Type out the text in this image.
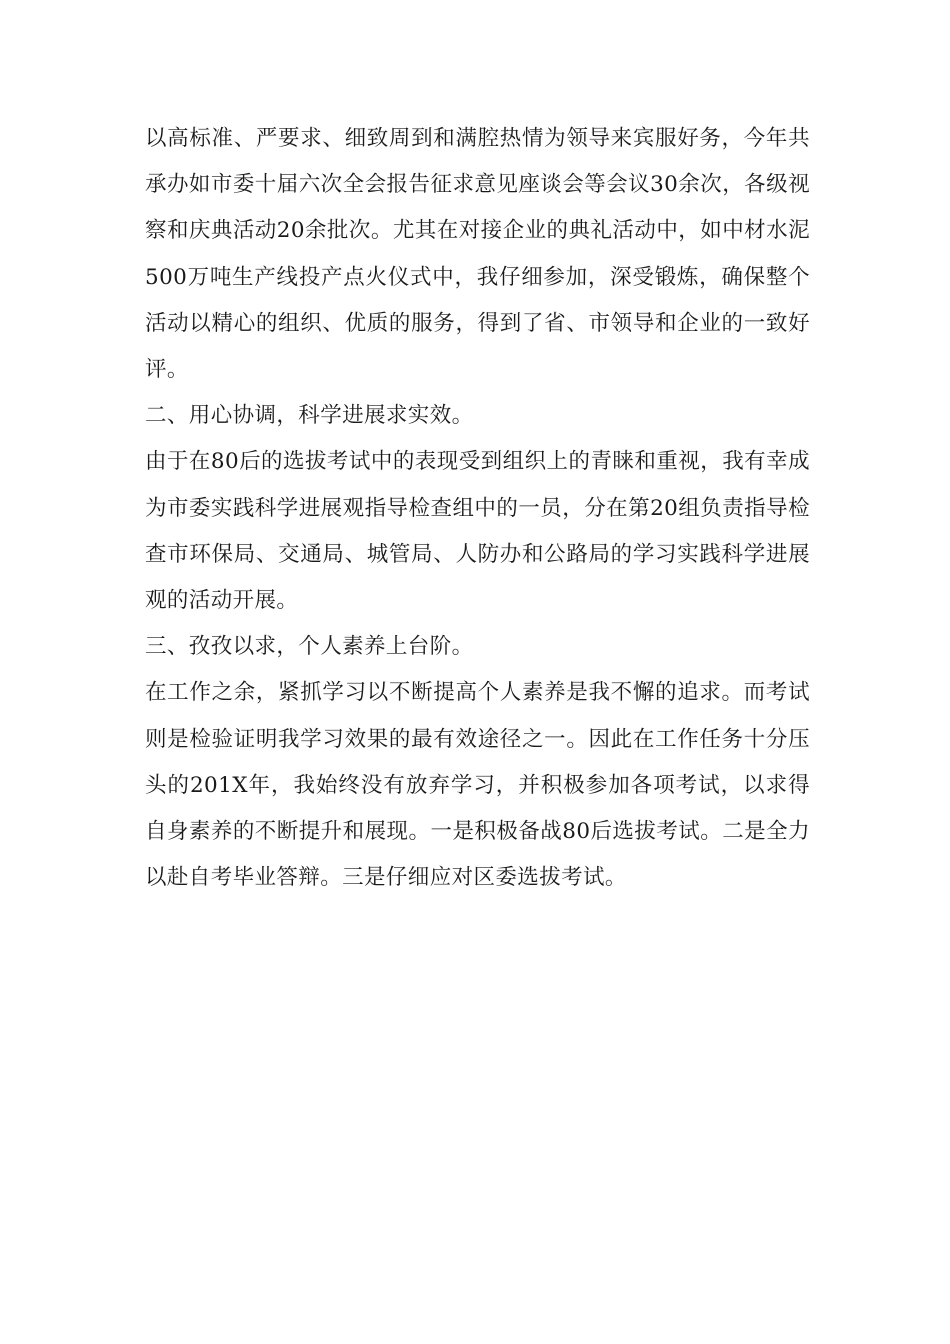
以高标准、严要求、细致周到和满腔热情为领导来宾服好务，今年共承办如市委十届六次全会报告征求意见座谈会等会议30余次，各级视察和庆典活动20余批次。尤其在对接企业的典礼活动中，如中材水泥500万吨生产线投产点火仪式中，我仔细参加，深受锻炼，确保整个活动以精心的组织、优质的服务，得到了省、市领导和企业的一致好评。

二、用心协调，科学进展求实效。

由于在80后的选拔考试中的表现受到组织上的青睐和重视，我有幸成为市委实践科学进展观指导检查组中的一员，分在第20组负责指导检查市环保局、交通局、城管局、人防办和公路局的学习实践科学进展观的活动开展。

三、孜孜以求，个人素养上台阶。

在工作之余，紧抓学习以不断提高个人素养是我不懈的追求。而考试则是检验证明我学习效果的最有效途径之一。因此在工作任务十分压头的201X年，我始终没有放弃学习，并积极参加各项考试，以求得自身素养的不断提升和展现。一是积极备战80后选拔考试。二是全力以赴自考毕业答辩。三是仔细应对区委选拔考试。
